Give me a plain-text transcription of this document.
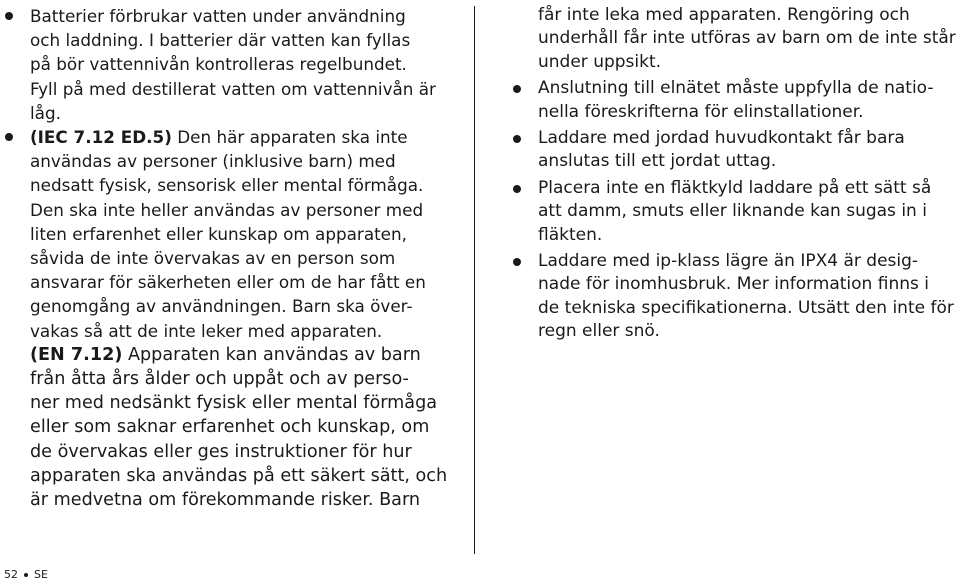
Batterier förbrukar vatten under användning
och laddning. I batterier där vatten kan fyllas
på bör vattennivån kontrolleras regelbundet.
Fyll på med destillerat vatten om vattennivån är
låg.

(IEC 7.12 ED.5) Den här apparaten ska inte
användas av personer (inklusive barn) med
nedsatt fysisk, sensorisk eller mental förmåga.
Den ska inte heller användas av personer med
liten erfarenhet eller kunskap om apparaten,
såvida de inte övervakas av en person som
ansvarar för säkerheten eller om de har fått en
genomgång av användningen. Barn ska över-
vakas så att de inte leker med apparaten.

(EN 7.12) Apparaten kan användas av barn
från åtta års ålder och uppåt och av perso-
ner med nedsänkt fysisk eller mental förmåga
eller som saknar erfarenhet och kunskap, om
de övervakas eller ges instruktioner för hur
apparaten ska användas på ett säkert sätt, och
är medvetna om förekommande risker. Barn

får inte leka med apparaten. Rengöring och
underhåll får inte utföras av barn om de inte står
under uppsikt.

Anslutning till elnätet måste uppfylla de natio-
nella föreskrifterna för elinstallationer.

Laddare med jordad huvudkontakt får bara
anslutas till ett jordat uttag.

Placera inte en fläktkyld laddare på ett sätt så
att damm, smuts eller liknande kan sugas in i
fläkten.

Laddare med ip-klass lägre än IPX4 är desig-
nade för inomhusbruk. Mer information finns i
de tekniska specifikationerna. Utsätt den inte för
regn eller snö.

52 SE
